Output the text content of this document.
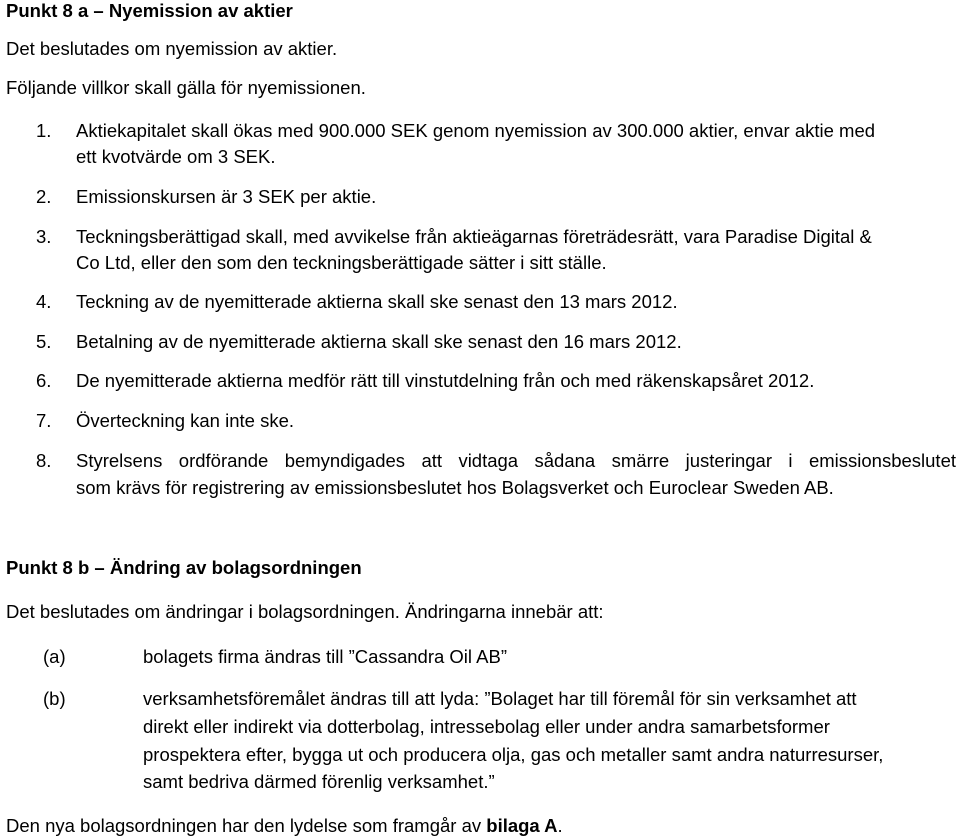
Punkt 8 a – Nyemission av aktier
Det beslutades om nyemission av aktier.
Följande villkor skall gälla för nyemissionen.
1. Aktiekapitalet skall ökas med 900.000 SEK genom nyemission av 300.000 aktier, envar aktie med
ett kvotvärde om 3 SEK.
2. Emissionskursen är 3 SEK per aktie.
3. Teckningsberättigad skall, med avvikelse från aktieägarnas företrädesrätt, vara Paradise Digital &
Co Ltd, eller den som den teckningsberättigade sätter i sitt ställe.
4. Teckning av de nyemitterade aktierna skall ske senast den 13 mars 2012.
5. Betalning av de nyemitterade aktierna skall ske senast den 16 mars 2012.
6. De nyemitterade aktierna medför rätt till vinstutdelning från och med räkenskapsåret 2012.
7. Överteckning kan inte ske.
8. Styrelsens ordförande bemyndigades att vidtaga sådana smärre justeringar i emissionsbeslutet
som krävs för registrering av emissionsbeslutet hos Bolagsverket och Euroclear Sweden AB.
Punkt 8 b – Ändring av bolagsordningen
Det beslutades om ändringar i bolagsordningen. Ändringarna innebär att:
(a)	bolagets firma ändras till ”Cassandra Oil AB”
(b)	verksamhetsföremålet ändras till att lyda: ”Bolaget har till föremål för sin verksamhet att
direkt eller indirekt via dotterbolag, intressebolag eller under andra samarbetsformer
prospektera efter, bygga ut och producera olja, gas och metaller samt andra naturresurser,
samt bedriva därmed förenlig verksamhet.”
Den nya bolagsordningen har den lydelse som framgår av bilaga A.
